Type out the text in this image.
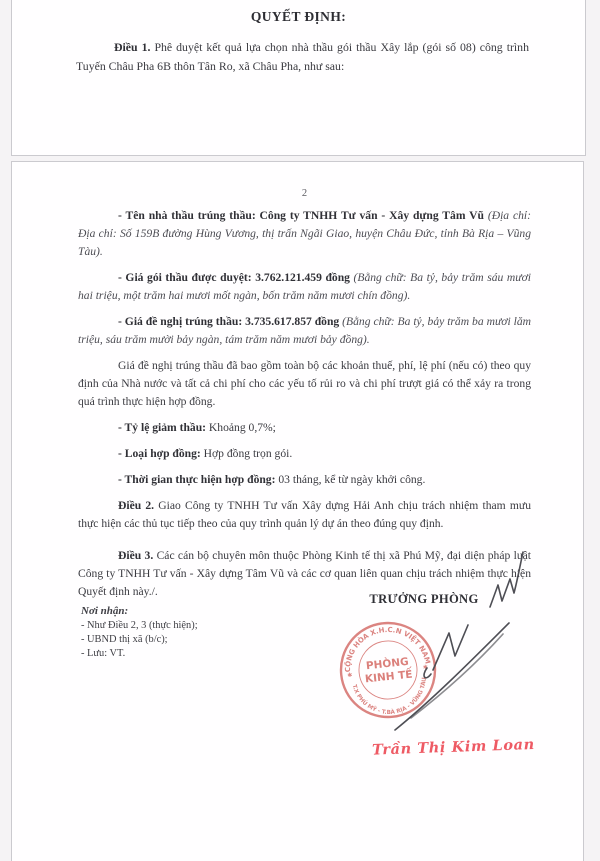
QUYẾT ĐỊNH:

Điều 1. Phê duyệt kết quả lựa chọn nhà thầu gói thầu Xây lắp (gói số 08) công trình Tuyến Châu Pha 6B thôn Tân Ro, xã Châu Pha, như sau:

2

- Tên nhà thầu trúng thầu: Công ty TNHH Tư vấn - Xây dựng Tâm Vũ (Địa chỉ: Địa chỉ: Số 159B đường Hùng Vương, thị trấn Ngãi Giao, huyện Châu Đức, tỉnh Bà Rịa – Vũng Tàu).

- Giá gói thầu được duyệt: 3.762.121.459 đồng (Bằng chữ: Ba tỷ, bảy trăm sáu mươi hai triệu, một trăm hai mươi mốt ngàn, bốn trăm năm mươi chín đồng).

- Giá đề nghị trúng thầu: 3.735.617.857 đồng (Bằng chữ: Ba tỷ, bảy trăm ba mươi lăm triệu, sáu trăm mười bảy ngàn, tám trăm năm mươi bảy đồng).

Giá đề nghị trúng thầu đã bao gồm toàn bộ các khoản thuế, phí, lệ phí (nếu có) theo quy định của Nhà nước và tất cả chi phí cho các yếu tố rủi ro và chi phí trượt giá có thể xảy ra trong quá trình thực hiện hợp đồng.

- Tỷ lệ giảm thầu: Khoảng 0,7%;

- Loại hợp đồng: Hợp đồng trọn gói.

- Thời gian thực hiện hợp đồng: 03 tháng, kể từ ngày khởi công.

Điều 2. Giao Công ty TNHH Tư vấn Xây dựng Hải Anh chịu trách nhiệm tham mưu thực hiện các thủ tục tiếp theo của quy trình quản lý dự án theo đúng quy định.

Điều 3. Các cán bộ chuyên môn thuộc Phòng Kinh tế thị xã Phú Mỹ, đại diện pháp luật Công ty TNHH Tư vấn - Xây dựng Tâm Vũ và các cơ quan liên quan chịu trách nhiệm thực hiện Quyết định này./.

TRƯỞNG PHÒNG
Nơi nhận:
- Như Điều 2, 3 (thực hiện);
- UBND thị xã (b/c);
- Lưu: VT.
CỘNG HÒA X.H.C.N VIỆT NAM
T.X PHÚ MỸ - T.BÀ RỊA - VŨNG TÀU
✱
✱
PHÒNG
KINH TẾ
Trần Thị Kim Loan
